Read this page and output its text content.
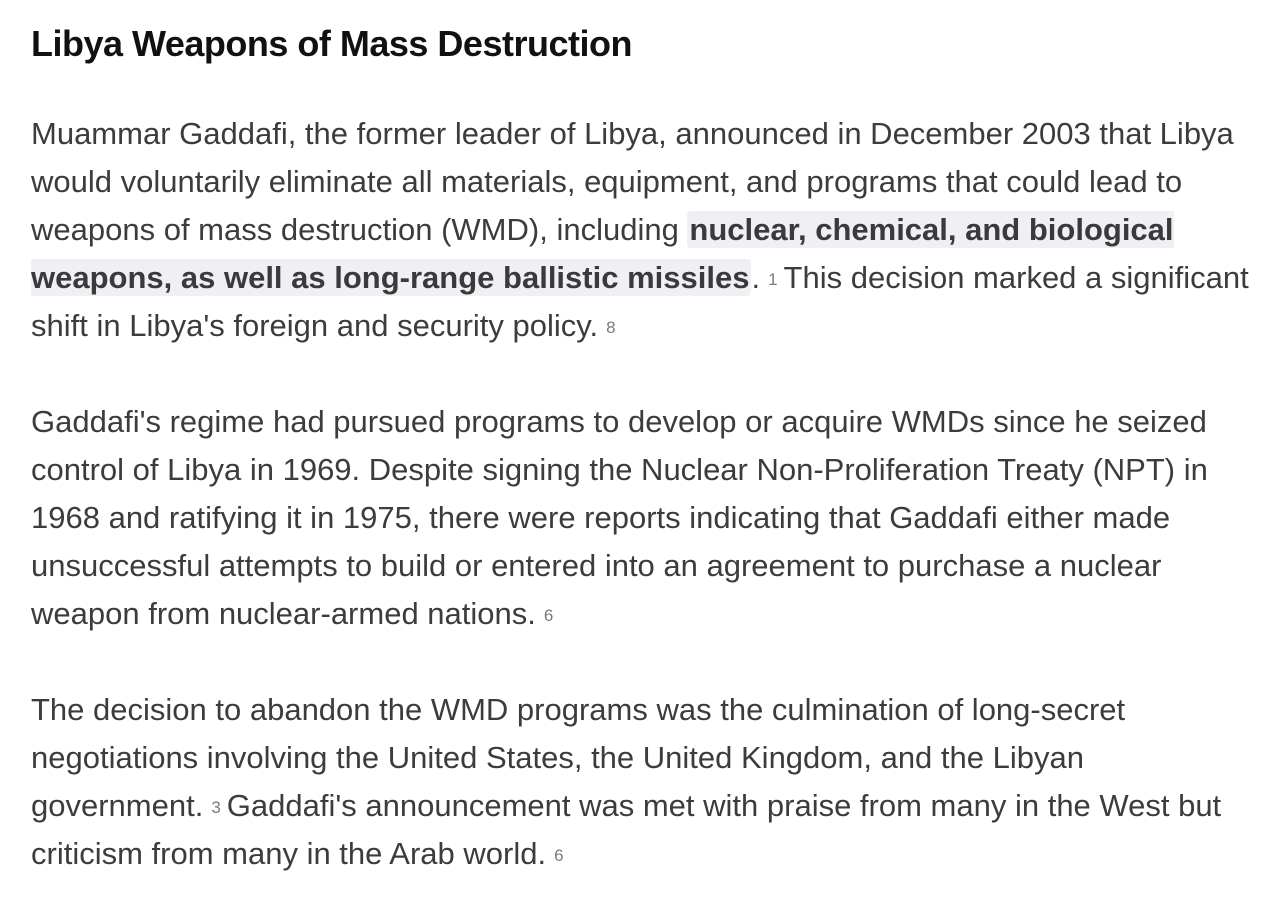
Libya Weapons of Mass Destruction

Muammar Gaddafi, the former leader of Libya, announced in December 2003 that Libya would voluntarily eliminate all materials, equipment, and programs that could lead to weapons of mass destruction (WMD), including nuclear, chemical, and biological weapons, as well as long-range ballistic missiles. 1 This decision marked a significant shift in Libya's foreign and security policy. 8

Gaddafi's regime had pursued programs to develop or acquire WMDs since he seized control of Libya in 1969. Despite signing the Nuclear Non-Proliferation Treaty (NPT) in 1968 and ratifying it in 1975, there were reports indicating that Gaddafi either made unsuccessful attempts to build or entered into an agreement to purchase a nuclear weapon from nuclear-armed nations. 6

The decision to abandon the WMD programs was the culmination of long-secret negotiations involving the United States, the United Kingdom, and the Libyan government. 3 Gaddafi's announcement was met with praise from many in the West but criticism from many in the Arab world. 6
